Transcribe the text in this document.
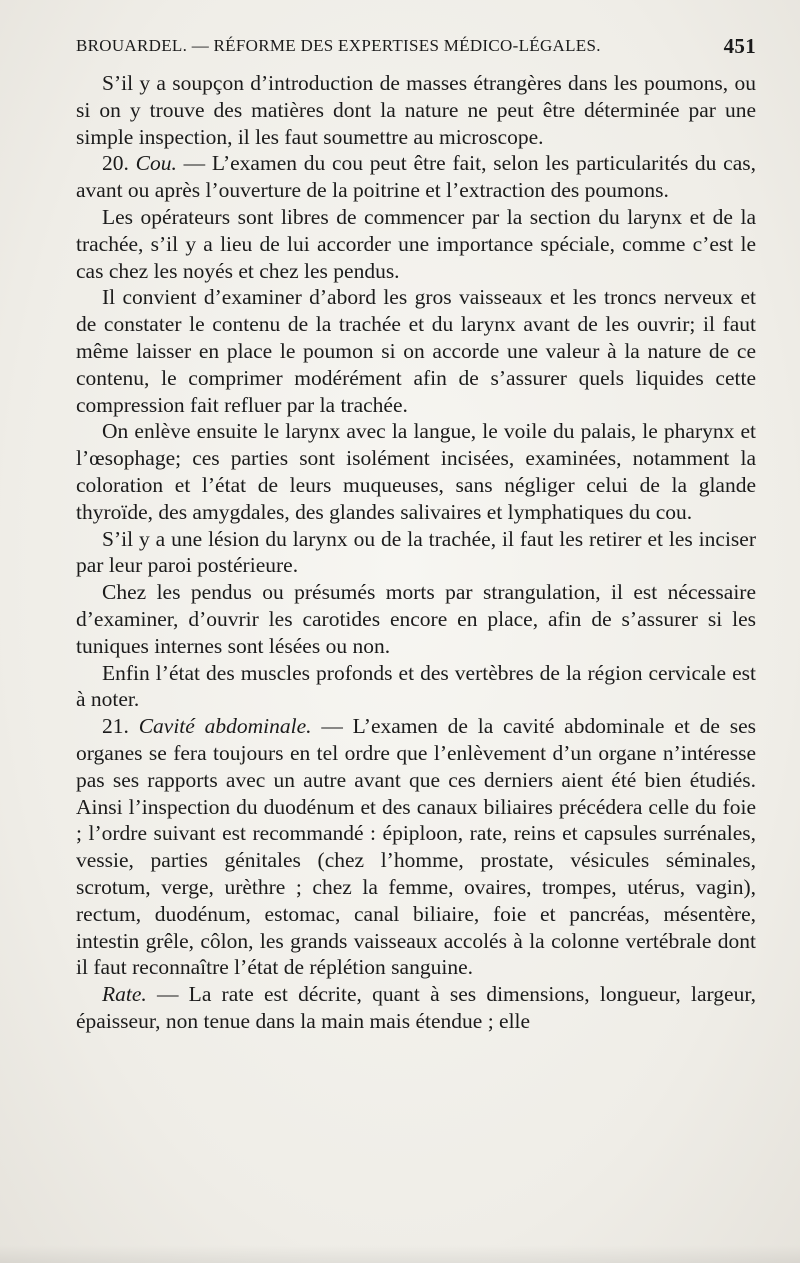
BROUARDEL. — RÉFORME DES EXPERTISES MÉDICO-LÉGALES.	451

S’il y a soupçon d’introduction de masses étrangères dans les poumons, ou si on y trouve des matières dont la nature ne peut être déterminée par une simple inspection, il les faut soumettre au microscope.

20. Cou. — L’examen du cou peut être fait, selon les particularités du cas, avant ou après l’ouverture de la poitrine et l’extraction des poumons.

Les opérateurs sont libres de commencer par la section du larynx et de la trachée, s’il y a lieu de lui accorder une importance spéciale, comme c’est le cas chez les noyés et chez les pendus.

Il convient d’examiner d’abord les gros vaisseaux et les troncs nerveux et de constater le contenu de la trachée et du larynx avant de les ouvrir; il faut même laisser en place le poumon si on accorde une valeur à la nature de ce contenu, le comprimer modérément afin de s’assurer quels liquides cette compression fait refluer par la trachée.

On enlève ensuite le larynx avec la langue, le voile du palais, le pharynx et l’œsophage; ces parties sont isolément incisées, examinées, notamment la coloration et l’état de leurs muqueuses, sans négliger celui de la glande thyroïde, des amygdales, des glandes salivaires et lymphatiques du cou.

S’il y a une lésion du larynx ou de la trachée, il faut les retirer et les inciser par leur paroi postérieure.

Chez les pendus ou présumés morts par strangulation, il est nécessaire d’examiner, d’ouvrir les carotides encore en place, afin de s’assurer si les tuniques internes sont lésées ou non.

Enfin l’état des muscles profonds et des vertèbres de la région cervicale est à noter.

21. Cavité abdominale. — L’examen de la cavité abdominale et de ses organes se fera toujours en tel ordre que l’enlèvement d’un organe n’intéresse pas ses rapports avec un autre avant que ces derniers aient été bien étudiés. Ainsi l’inspection du duodénum et des canaux biliaires précédera celle du foie ; l’ordre suivant est recommandé : épiploon, rate, reins et capsules surrénales, vessie, parties génitales (chez l’homme, prostate, vésicules séminales, scrotum, verge, urèthre ; chez la femme, ovaires, trompes, utérus, vagin), rectum, duodénum, estomac, canal biliaire, foie et pancréas, mésentère, intestin grêle, côlon, les grands vaisseaux accolés à la colonne vertébrale dont il faut reconnaître l’état de réplétion sanguine.

Rate. — La rate est décrite, quant à ses dimensions, longueur, largeur, épaisseur, non tenue dans la main mais étendue ; elle
